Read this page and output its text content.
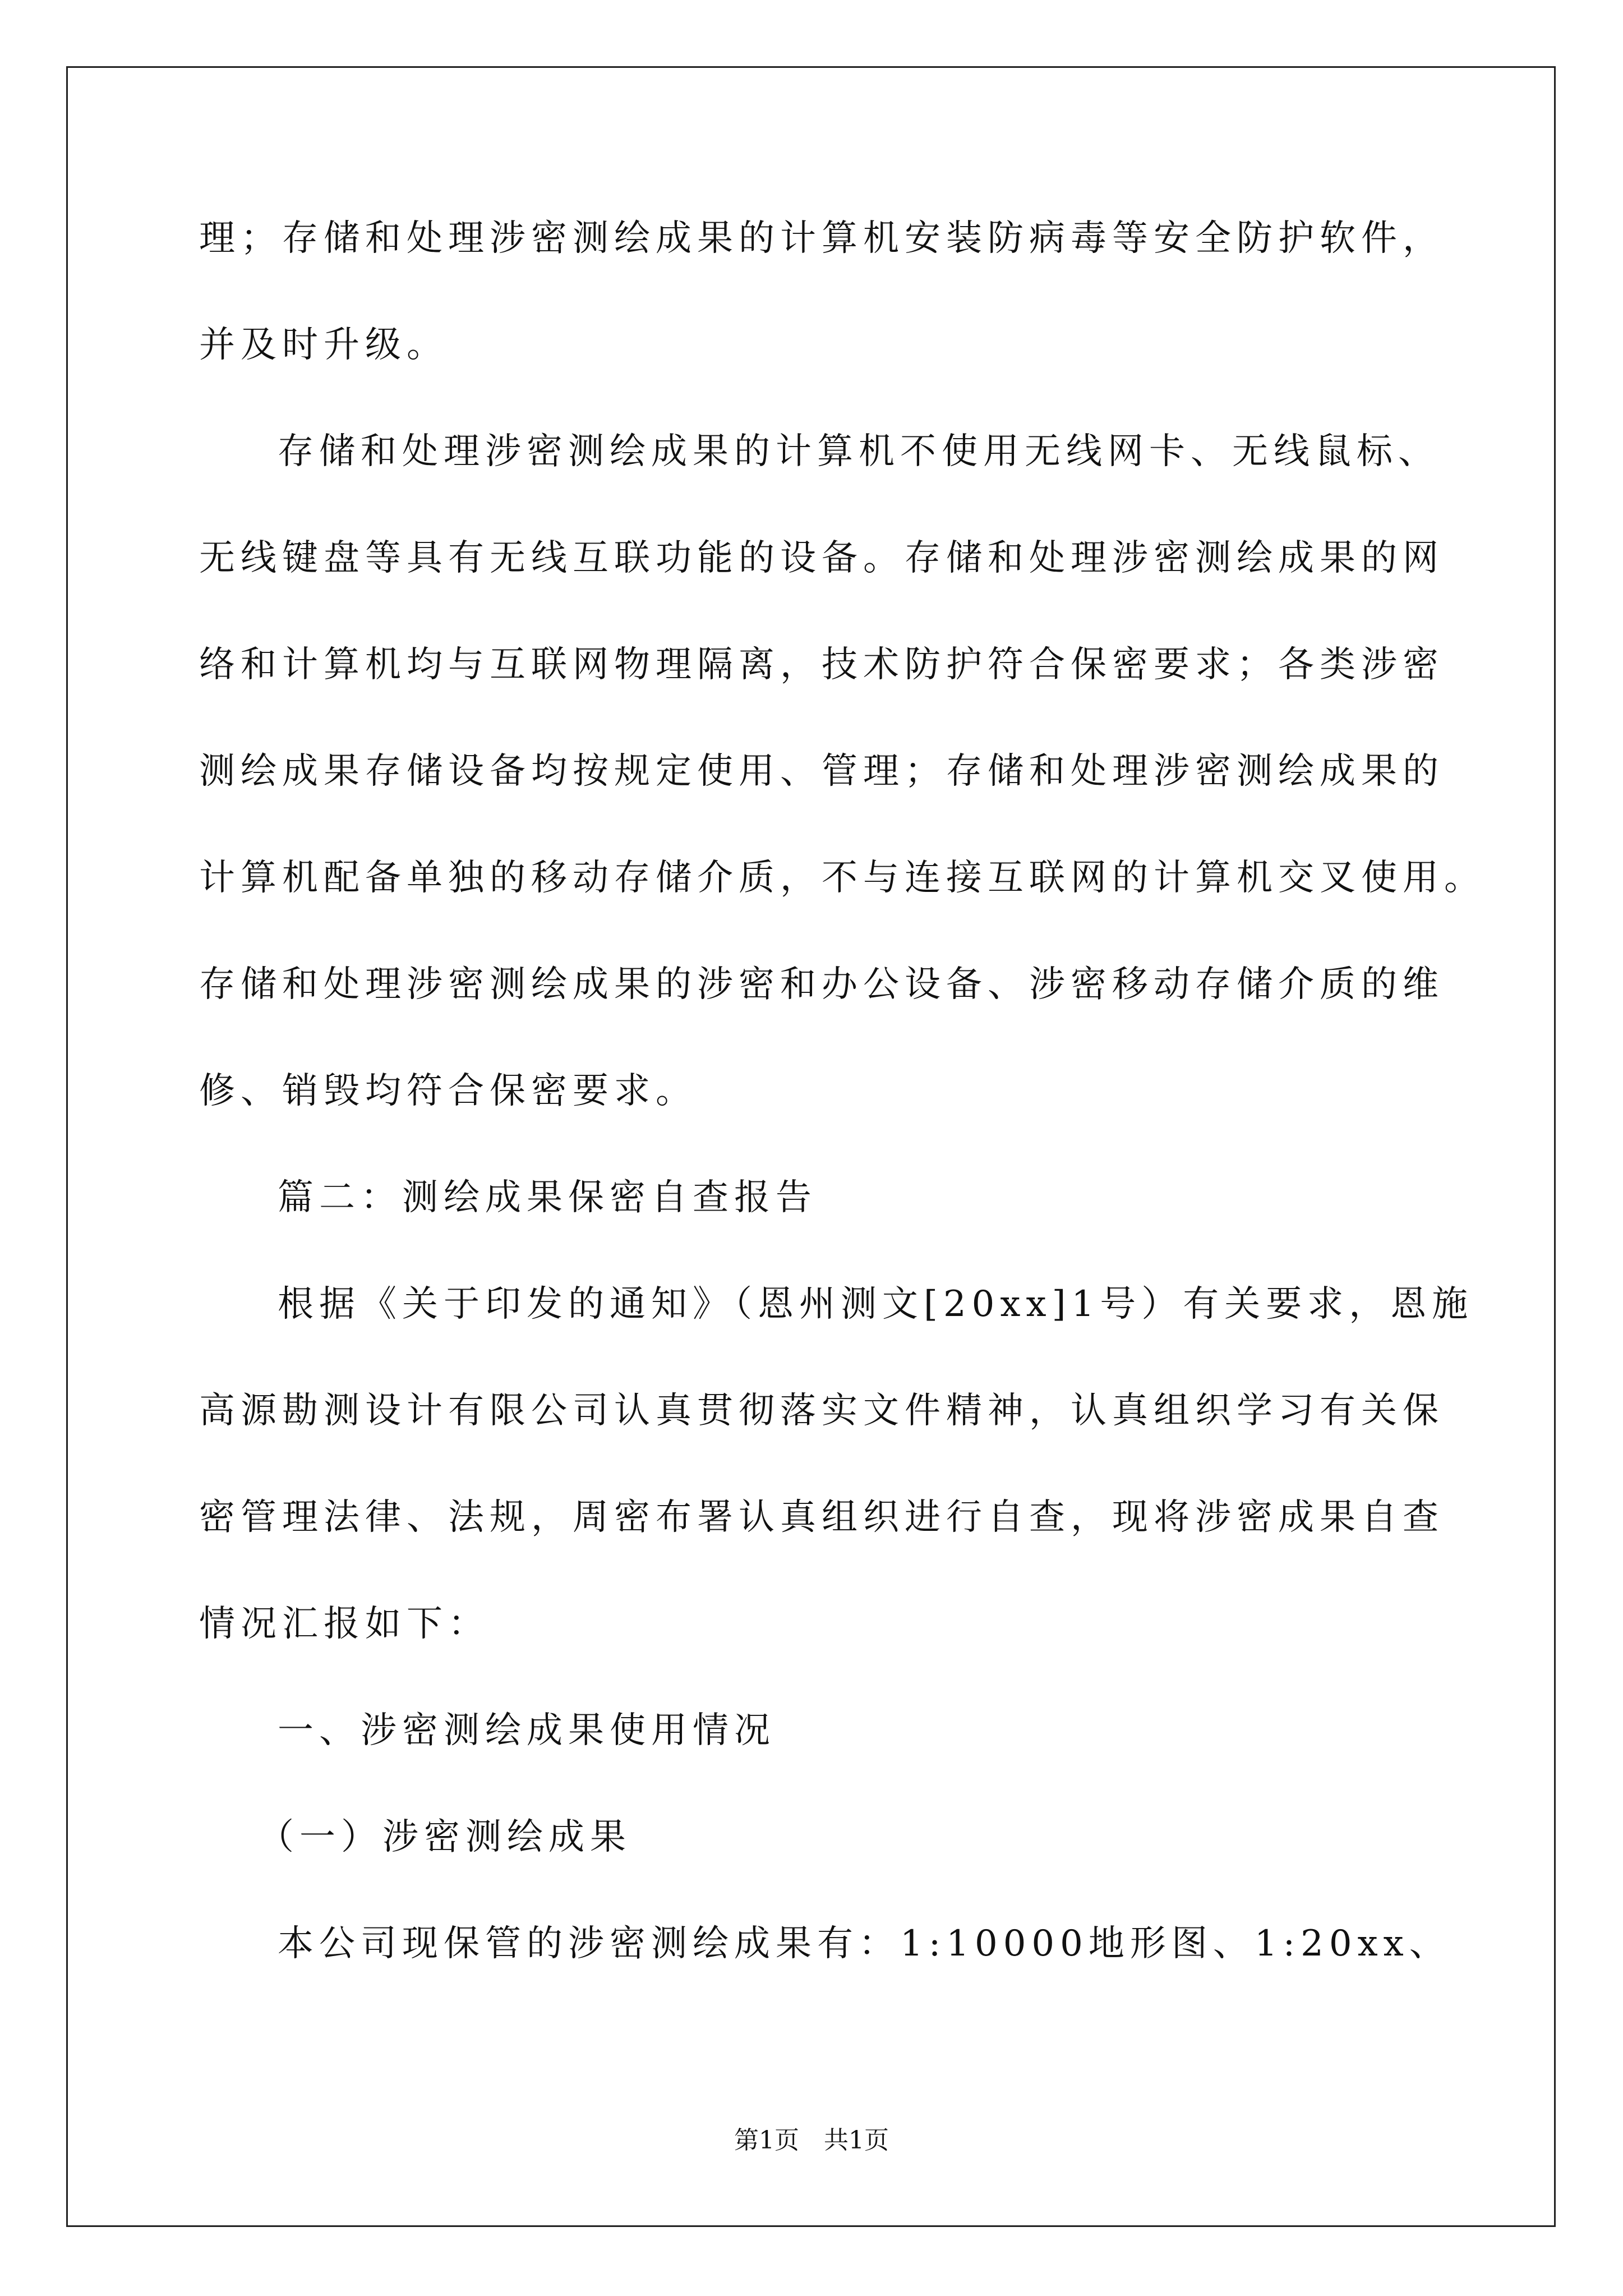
理；存储和处理涉密测绘成果的计算机安装防病毒等安全防护软件，
并及时升级。
存储和处理涉密测绘成果的计算机不使用无线网卡、无线鼠标、
无线键盘等具有无线互联功能的设备。存储和处理涉密测绘成果的网
络和计算机均与互联网物理隔离，技术防护符合保密要求；各类涉密
测绘成果存储设备均按规定使用、管理；存储和处理涉密测绘成果的
计算机配备单独的移动存储介质，不与连接互联网的计算机交叉使用。
存储和处理涉密测绘成果的涉密和办公设备、涉密移动存储介质的维
修、销毁均符合保密要求。
篇二：测绘成果保密自查报告
根据《关于印发的通知》（恩州测文[20xx]1号）有关要求，恩施
高源勘测设计有限公司认真贯彻落实文件精神，认真组织学习有关保
密管理法律、法规，周密布署认真组织进行自查，现将涉密成果自查
情况汇报如下：
一、涉密测绘成果使用情况
（一）涉密测绘成果
本公司现保管的涉密测绘成果有：1:10000地形图、1:20xx、
第1页　共1页
